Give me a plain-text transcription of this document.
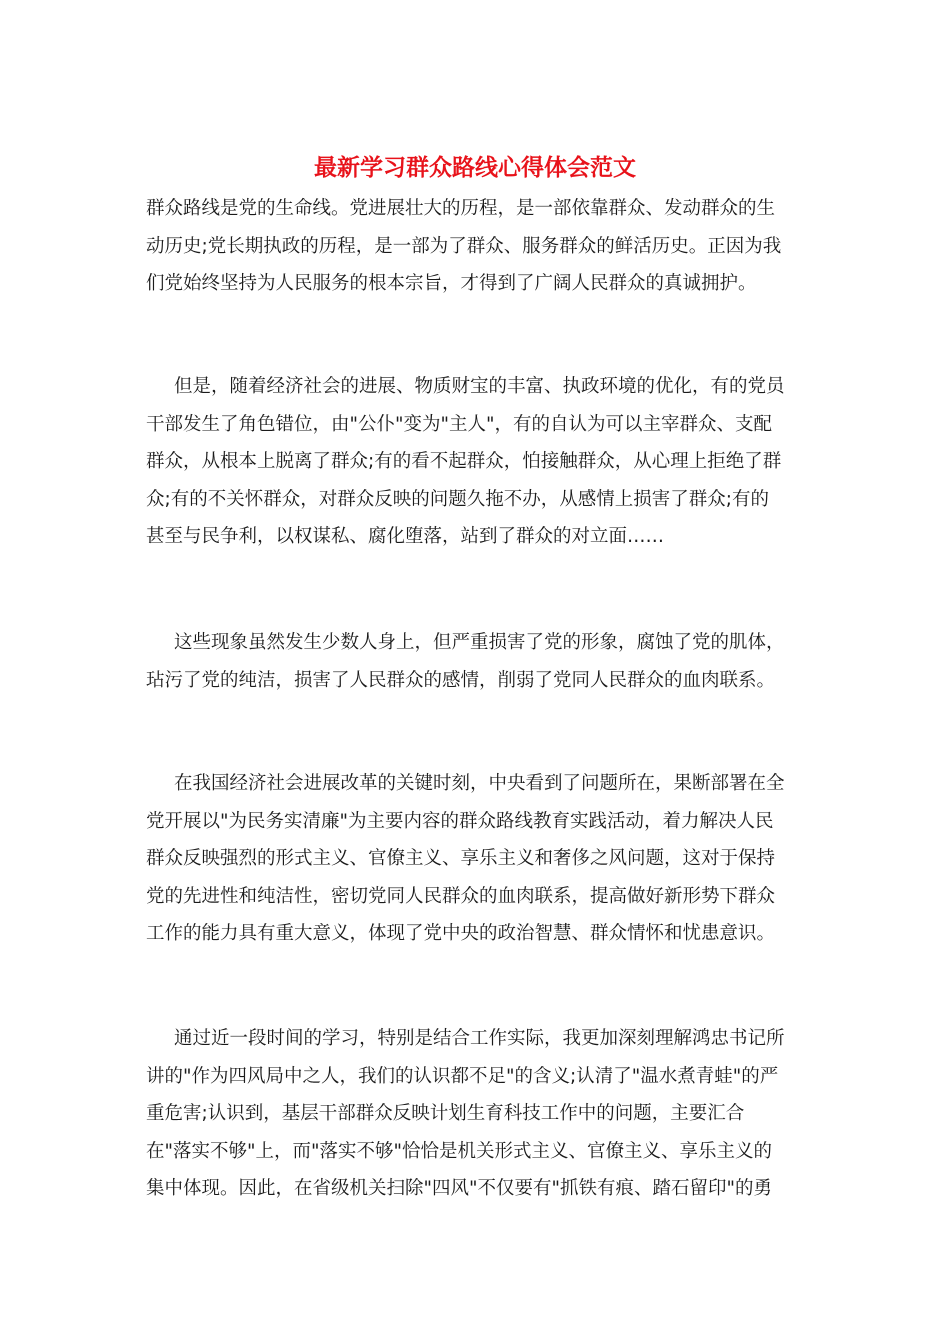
最新学习群众路线心得体会范文
群众路线是党的生命线。党进展壮大的历程，是一部依靠群众、发动群众的生
动历史;党长期执政的历程，是一部为了群众、服务群众的鲜活历史。正因为我
们党始终坚持为人民服务的根本宗旨，才得到了广阔人民群众的真诚拥护。
但是，随着经济社会的进展、物质财宝的丰富、执政环境的优化，有的党员
干部发生了角色错位，由"公仆"变为"主人"，有的自认为可以主宰群众、支配
群众，从根本上脱离了群众;有的看不起群众，怕接触群众，从心理上拒绝了群
众;有的不关怀群众，对群众反映的问题久拖不办，从感情上损害了群众;有的
甚至与民争利，以权谋私、腐化堕落，站到了群众的对立面……
这些现象虽然发生少数人身上，但严重损害了党的形象，腐蚀了党的肌体，
玷污了党的纯洁，损害了人民群众的感情，削弱了党同人民群众的血肉联系。
在我国经济社会进展改革的关键时刻，中央看到了问题所在，果断部署在全
党开展以"为民务实清廉"为主要内容的群众路线教育实践活动，着力解决人民
群众反映强烈的形式主义、官僚主义、享乐主义和奢侈之风问题，这对于保持
党的先进性和纯洁性，密切党同人民群众的血肉联系，提高做好新形势下群众
工作的能力具有重大意义，体现了党中央的政治智慧、群众情怀和忧患意识。
通过近一段时间的学习，特别是结合工作实际，我更加深刻理解鸿忠书记所
讲的"作为四风局中之人，我们的认识都不足"的含义;认清了"温水煮青蛙"的严
重危害;认识到，基层干部群众反映计划生育科技工作中的问题，主要汇合
在"落实不够"上，而"落实不够"恰恰是机关形式主义、官僚主义、享乐主义的
集中体现。因此，在省级机关扫除"四风"不仅要有"抓铁有痕、踏石留印"的勇
